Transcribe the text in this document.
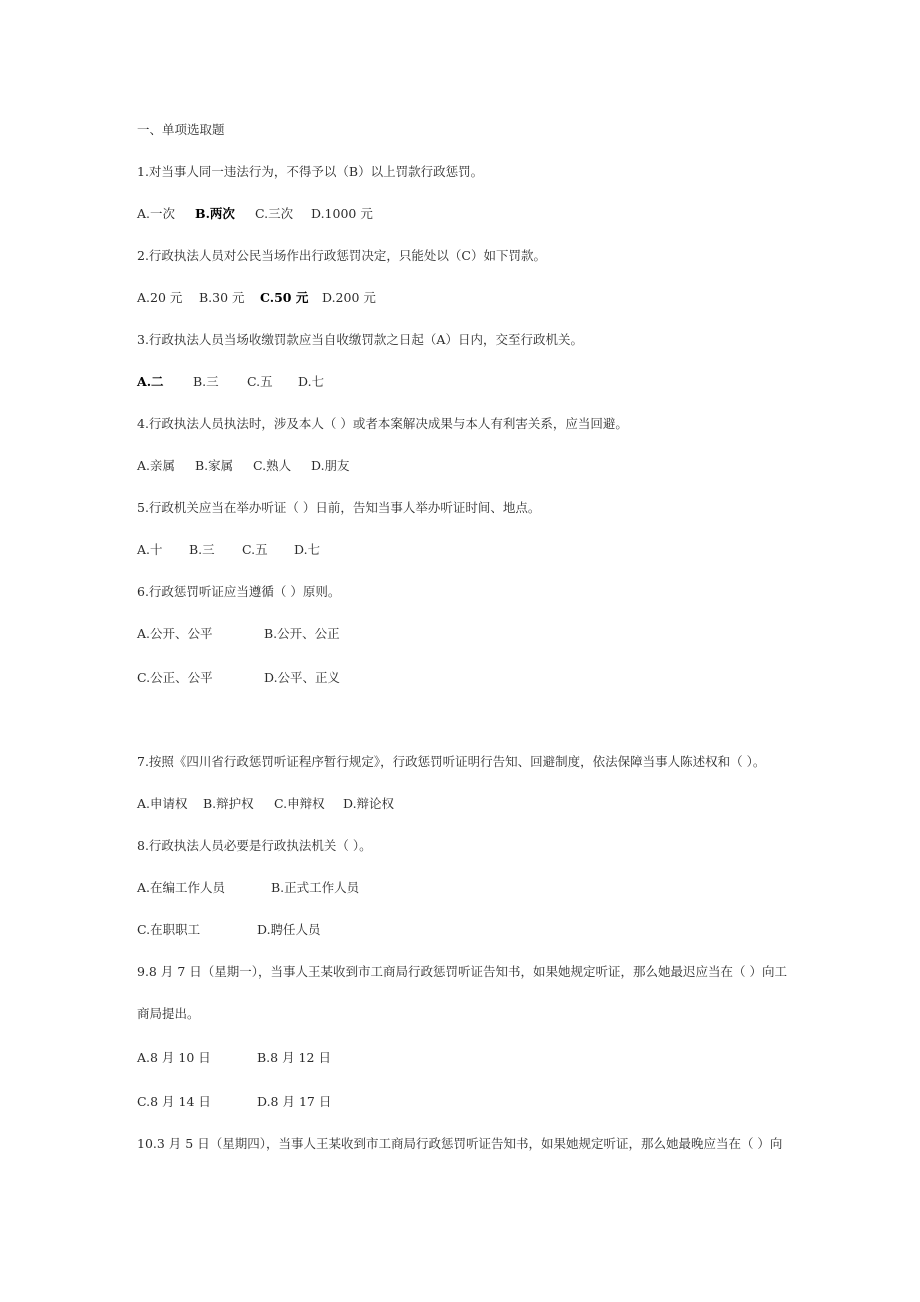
一、单项选取题
1.对当事人同一违法行为，不得予以（B）以上罚款行政惩罚。
A.一次 B.两次 C.三次 D.1000 元
2.行政执法人员对公民当场作出行政惩罚决定，只能处以（C）如下罚款。
A.20 元 B.30 元 C.50 元 D.200 元
3.行政执法人员当场收缴罚款应当自收缴罚款之日起（A）日内，交至行政机关。
A.二 B.三 C.五 D.七
4.行政执法人员执法时，涉及本人（ ）或者本案解决成果与本人有利害关系，应当回避。
A.亲属 B.家属 C.熟人 D.朋友
5.行政机关应当在举办听证（ ）日前，告知当事人举办听证时间、地点。
A.十 B.三 C.五 D.七
6.行政惩罚听证应当遵循（ ）原则。
A.公开、公平	B.公开、公正
C.公正、公平	D.公平、正义
7.按照《四川省行政惩罚听证程序暂行规定》，行政惩罚听证明行告知、回避制度，依法保障当事人陈述权和（ ）。
A.申请权 B.辩护权 C.申辩权 D.辩论权
8.行政执法人员必要是行政执法机关（ ）。
A.在编工作人员	B.正式工作人员
C.在职职工	D.聘任人员
9.8 月 7 日（星期一），当事人王某收到市工商局行政惩罚听证告知书，如果她规定听证，那么她最迟应当在（ ）向工
商局提出。
A.8 月 10 日	B.8 月 12 日
C.8 月 14 日	D.8 月 17 日
10.3 月 5 日（星期四），当事人王某收到市工商局行政惩罚听证告知书，如果她规定听证，那么她最晚应当在（ ）向
